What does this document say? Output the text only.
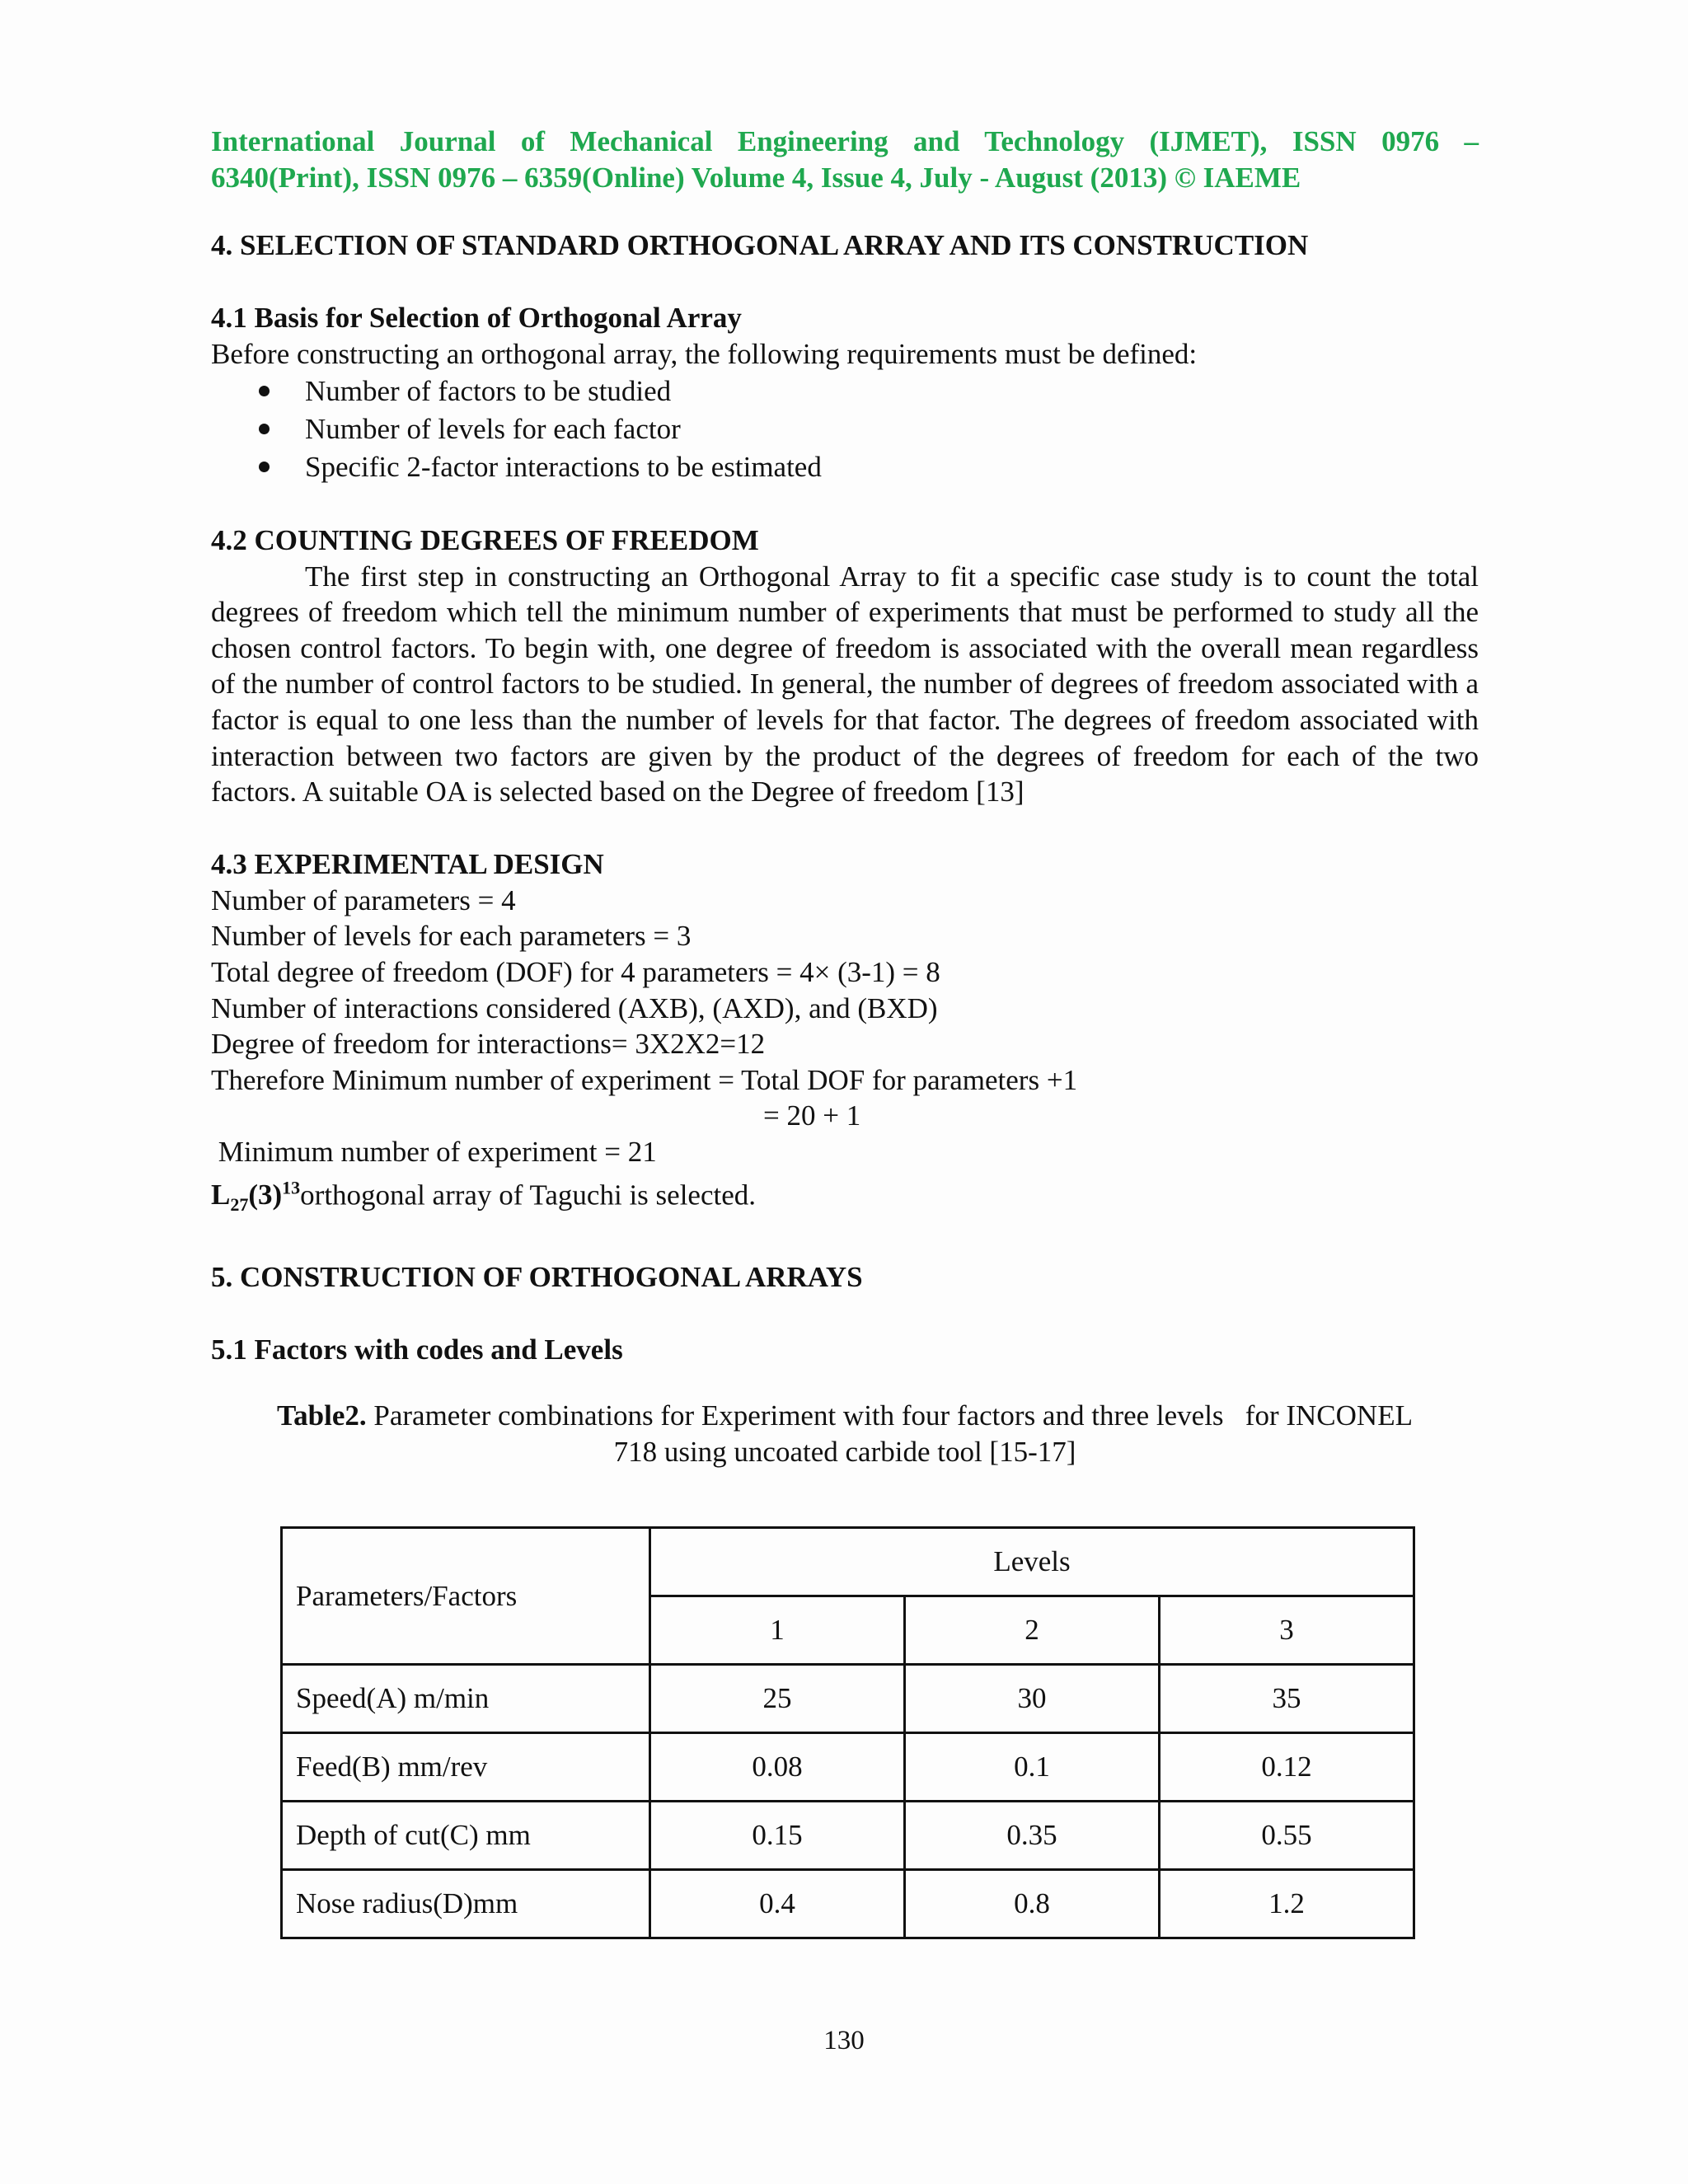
International Journal of Mechanical Engineering and Technology (IJMET), ISSN 0976 –
6340(Print), ISSN 0976 – 6359(Online) Volume 4, Issue 4, July - August (2013) © IAEME
4. SELECTION OF STANDARD ORTHOGONAL ARRAY AND ITS CONSTRUCTION
4.1 Basis for Selection of Orthogonal Array

Before constructing an orthogonal array, the following requirements must be defined:

Number of factors to be studied
Number of levels for each factor
Specific 2-factor interactions to be estimated
4.2 COUNTING DEGREES OF FREEDOM

The first step in constructing an Orthogonal Array to fit a specific case study is to count the total degrees of freedom which tell the minimum number of experiments that must be performed to study all the chosen control factors. To begin with, one degree of freedom is associated with the overall mean regardless of the number of control factors to be studied. In general, the number of degrees of freedom associated with a factor is equal to one less than the number of levels for that factor. The degrees of freedom associated with interaction between two factors are given by the product of the degrees of freedom for each of the two factors. A suitable OA is selected based on the Degree of freedom [13]

4.3 EXPERIMENTAL DESIGN
Number of parameters = 4
Number of levels for each parameters = 3
Total degree of freedom (DOF) for 4 parameters = 4× (3-1) = 8
Number of interactions considered (AXB), (AXD), and (BXD)
Degree of freedom for interactions= 3X2X2=12
Therefore Minimum number of experiment = Total DOF for parameters +1
= 20 + 1
Minimum number of experiment = 21
$L_{27}(3)^{13}orthogonal$ array of Taguchi is selected.
5. CONSTRUCTION OF ORTHOGONAL ARRAYS
5.1 Factors with codes and Levels
Table2. Parameter combinations for Experiment with four factors and three levels   for INCONEL
718 using uncoated carbide tool [15-17]
Parameters/Factors	Levels		
	1	2	3
Speed(A) m/min	25	30	35
Feed(B) mm/rev	0.08	0.1	0.12
Depth of cut(C) mm	0.15	0.35	0.55
Nose radius(D)mm	0.4	0.8	1.2
130
